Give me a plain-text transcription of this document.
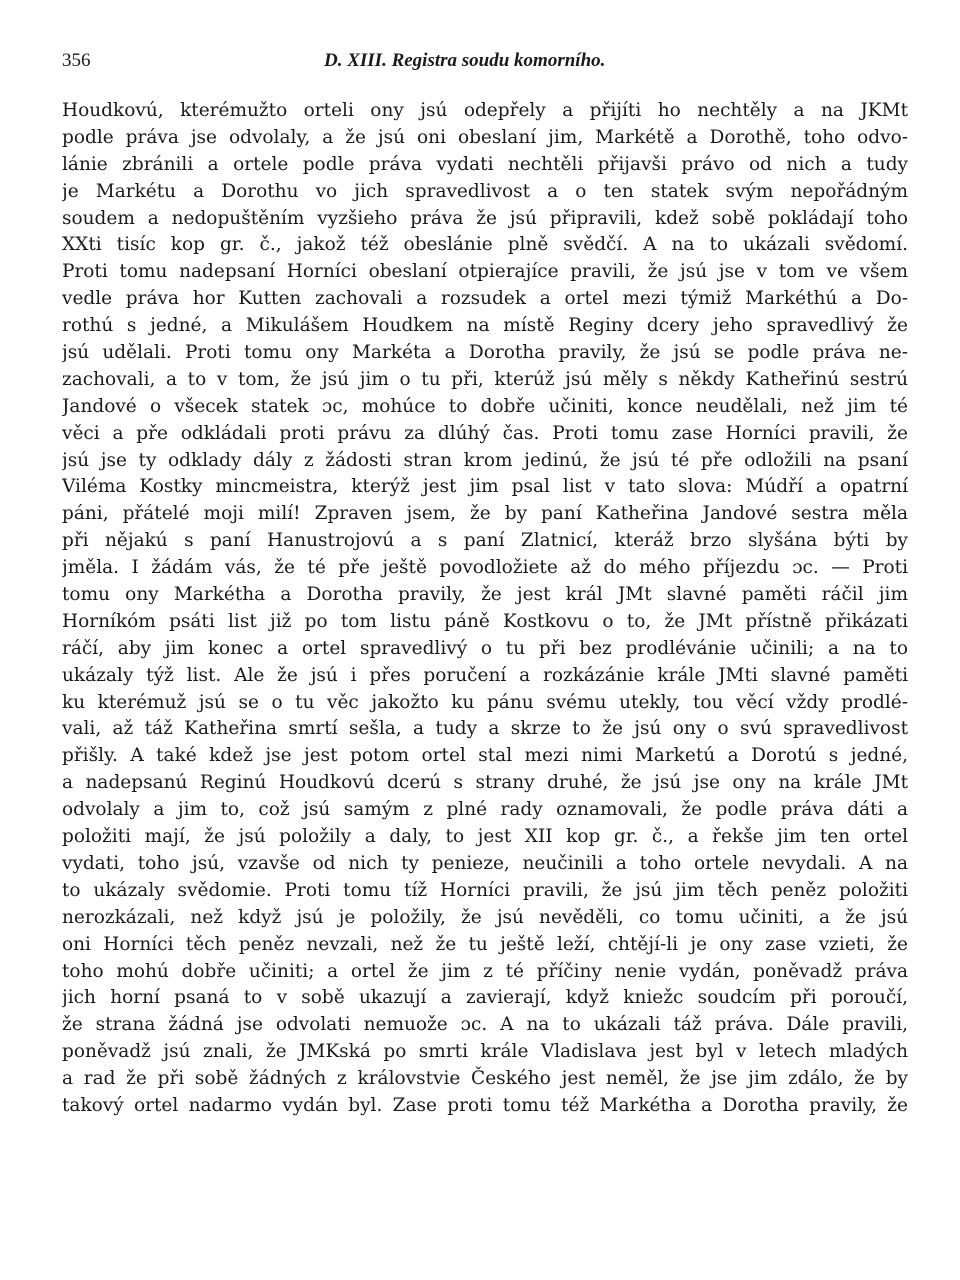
356	D. XIII. Registra soudu komorního.
Houdkovú, kterémužto orteli ony jsú odepřely a přijíti ho nechtěly a na JKMt
podle práva jse odvolaly, a že jsú oni obeslaní jim, Markétě a Dorothě, toho odvo-
lánie zbránili a ortele podle práva vydati nechtěli přijavši právo od nich a tudy
je Markétu a Dorothu vo jich spravedlivost a o ten statek svým nepořádným
soudem a nedopuštěním vyzšieho práva že jsú připravili, kdež sobě pokládají toho
XXti tisíc kop gr. č., jakož též obeslánie plně svědčí. A na to ukázali svědomí.
Proti tomu nadepsaní Horníci obeslaní otpierajíce pravili, že jsú jse v tom ve všem
vedle práva hor Kutten zachovali a rozsudek a ortel mezi týmiž Markéthú a Do-
rothú s jedné, a Mikulášem Houdkem na místě Reginy dcery jeho spravedlivý že
jsú udělali. Proti tomu ony Markéta a Dorotha pravily, že jsú se podle práva ne-
zachovali, a to v tom, že jsú jim o tu při, kterúž jsú měly s někdy Katheřinú sestrú
Jandové o všecek statek ɔc, mohúce to dobře učiniti, konce neudělali, než jim té
věci a pře odkládali proti právu za dlúhý čas. Proti tomu zase Horníci pravili, že
jsú jse ty odklady dály z žádosti stran krom jedinú, že jsú té pře odložili na psaní
Viléma Kostky mincmeistra, kterýž jest jim psal list v tato slova: Múdří a opatrní
páni, přátelé moji milí! Zpraven jsem, že by paní Katheřina Jandové sestra měla
při nějakú s paní Hanustrojovú a s paní Zlatnicí, kteráž brzo slyšána býti by
jměla. I žádám vás, že té pře ještě povodložiete až do mého příjezdu ɔc. — Proti
tomu ony Markétha a Dorotha pravily, že jest král JMt slavné paměti ráčil jim
Horníkóm psáti list již po tom listu páně Kostkovu o to, že JMt přístně přikázati
ráčí, aby jim konec a ortel spravedlivý o tu při bez prodlévánie učinili; a na to
ukázaly týž list. Ale že jsú i přes poručení a rozkázánie krále JMti slavné paměti
ku kterémuž jsú se o tu věc jakožto ku pánu svému utekly, tou věcí vždy prodlé-
vali, až táž Katheřina smrtí sešla, a tudy a skrze to že jsú ony o svú spravedlivost
přišly. A také kdež jse jest potom ortel stal mezi nimi Marketú a Dorotú s jedné,
a nadepsanú Reginú Houdkovú dcerú s strany druhé, že jsú jse ony na krále JMt
odvolaly a jim to, což jsú samým z plné rady oznamovali, že podle práva dáti a
položiti mají, že jsú položily a daly, to jest XII kop gr. č., a řekše jim ten ortel
vydati, toho jsú, vzavše od nich ty penieze, neučinili a toho ortele nevydali. A na
to ukázaly svědomie. Proti tomu tíž Horníci pravili, že jsú jim těch peněz položiti
nerozkázali, než když jsú je položily, že jsú nevěděli, co tomu učiniti, a že jsú
oni Horníci těch peněz nevzali, než že tu ještě leží, chtějí-li je ony zase vzieti, že
toho mohú dobře učiniti; a ortel že jim z té příčiny nenie vydán, poněvadž práva
jich horní psaná to v sobě ukazují a zavierají, když kniežc soudcím při poroučí,
že strana žádná jse odvolati nemuože ɔc. A na to ukázali táž práva. Dále pravili,
poněvadž jsú znali, že JMKská po smrti krále Vladislava jest byl v letech mladých
a rad že při sobě žádných z královstvie Českého jest neměl, že jse jim zdálo, že by
takový ortel nadarmo vydán byl. Zase proti tomu též Markétha a Dorotha pravily, že
